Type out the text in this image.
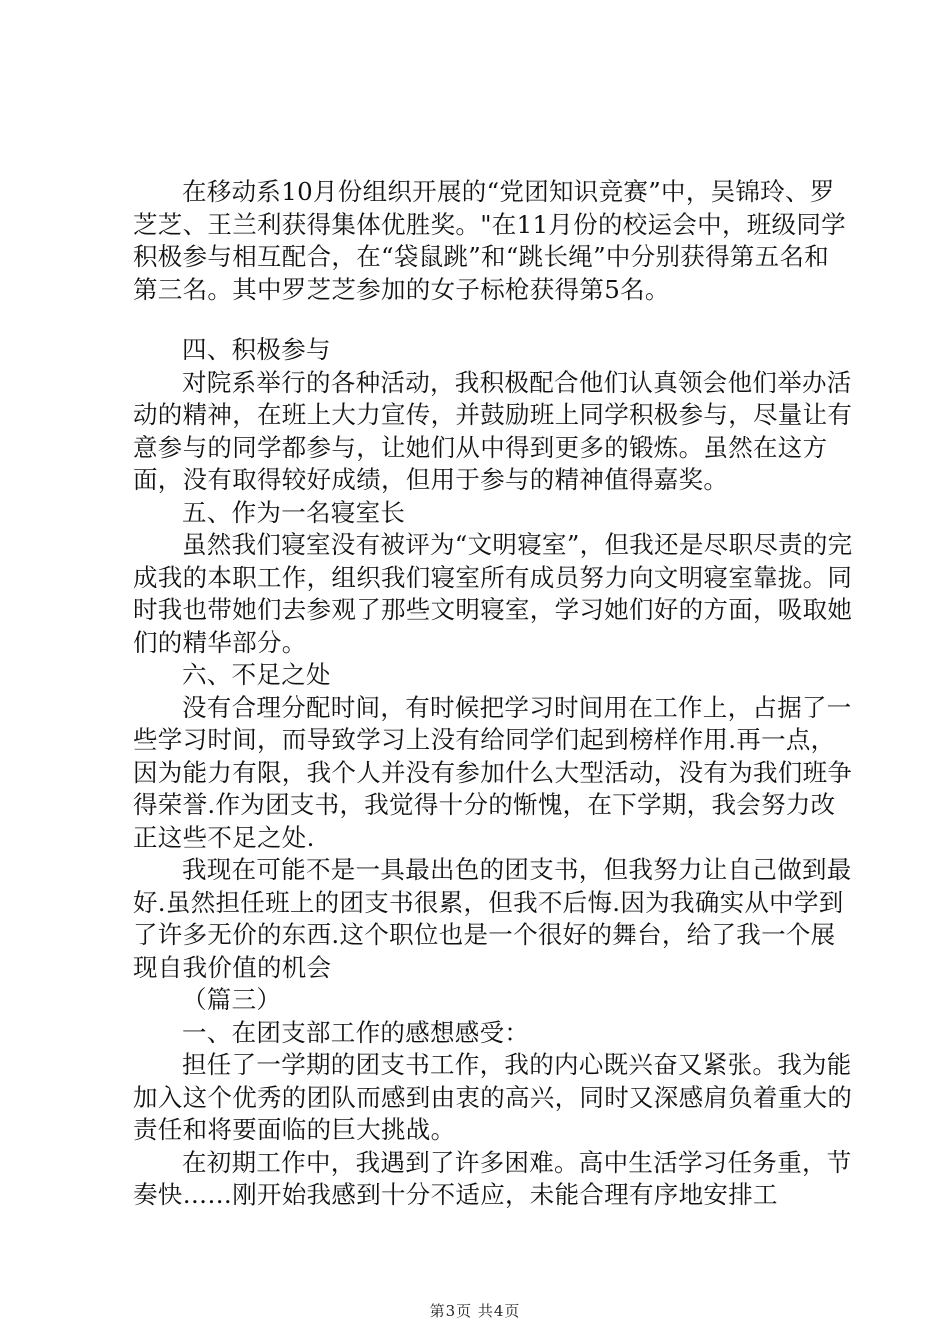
在移动系10月份组织开展的“党团知识竞赛”中，吴锦玲、罗芝芝、王兰利获得集体优胜奖。"在11月份的校运会中，班级同学积极参与相互配合，在“袋鼠跳”和“跳长绳”中分别获得第五名和第三名。其中罗芝芝参加的女子标枪获得第5名。

四、积极参与

对院系举行的各种活动，我积极配合他们认真领会他们举办活动的精神，在班上大力宣传，并鼓励班上同学积极参与，尽量让有意参与的同学都参与，让她们从中得到更多的锻炼。虽然在这方面，没有取得较好成绩，但用于参与的精神值得嘉奖。

五、作为一名寝室长

虽然我们寝室没有被评为“文明寝室”，但我还是尽职尽责的完成我的本职工作，组织我们寝室所有成员努力向文明寝室靠拢。同时我也带她们去参观了那些文明寝室，学习她们好的方面，吸取她们的精华部分。

六、不足之处

没有合理分配时间，有时候把学习时间用在工作上，占据了一些学习时间，而导致学习上没有给同学们起到榜样作用.再一点，因为能力有限，我个人并没有参加什么大型活动，没有为我们班争得荣誉.作为团支书，我觉得十分的惭愧，在下学期，我会努力改正这些不足之处.

我现在可能不是一具最出色的团支书，但我努力让自己做到最好.虽然担任班上的团支书很累，但我不后悔.因为我确实从中学到了许多无价的东西.这个职位也是一个很好的舞台，给了我一个展现自我价值的机会

（篇三）

一、在团支部工作的感想感受：

担任了一学期的团支书工作，我的内心既兴奋又紧张。我为能加入这个优秀的团队而感到由衷的高兴，同时又深感肩负着重大的责任和将要面临的巨大挑战。

在初期工作中，我遇到了许多困难。高中生活学习任务重，节奏快……刚开始我感到十分不适应，未能合理有序地安排工

第3页 共4页
